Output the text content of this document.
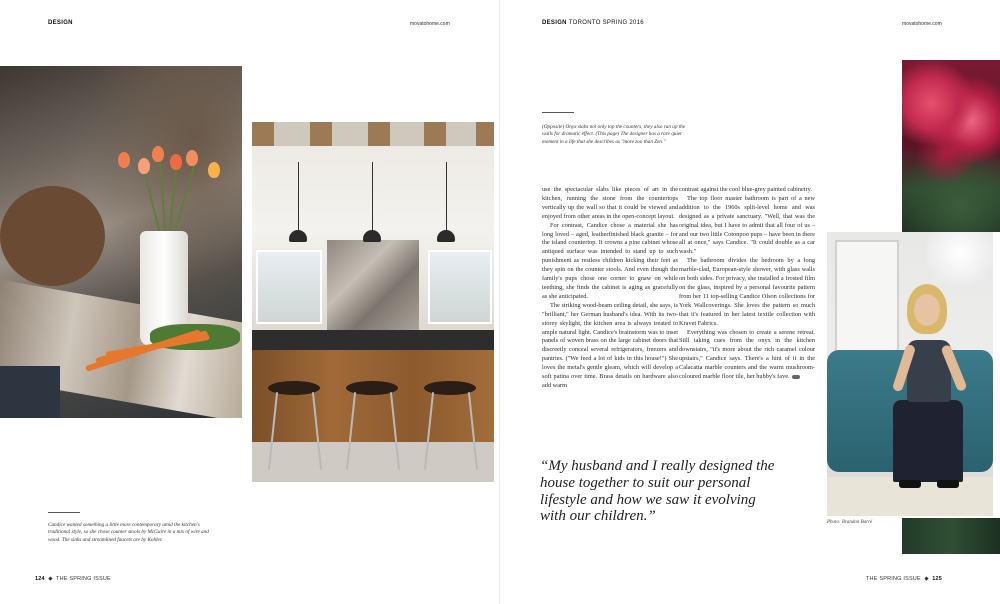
DESIGN	movatohome.com
Candice wanted something a little more contemporary amid the kitchen's traditional style, so she chose counter stools by McGuire in a mix of wire and wood. The sinks and streamlined faucets are by Kohler.
124  ◆  THE SPRING ISSUE
DESIGN TORONTO SPRING 2016	movatohome.com
(Opposite) Onyx slabs not only top the counters, they also run up the walls for dramatic effect. (This page) The designer has a rare quiet moment in a life that she describes as "more zoo than Zen."

use the spectacular slabs like pieces of art in the kitchen, running the stone from the countertops vertically up the wall so that it could be viewed and enjoyed from other areas in the open-concept layout.

For contrast, Candice chose a material she has long loved – aged, leatherfinished black granite – for the island countertop. It crowns a pine cabinet whose antiqued surface was intended to stand up to such punishment as restless children kicking their feet as they spin on the counter stools. And even though the family's pups chose one corner to gnaw on while teething, she finds the cabinet is aging as gracefully as she anticipated.

The striking wood-beam ceiling detail, she says, is "brilliant," her German husband's idea. With its two-storey skylight, the kitchen area is always treated to ample natural light. Candice's brainstorm was to inset panels of woven brass on the large cabinet doors that discreetly conceal several refrigerators, freezers and pantries. ("We feed a lot of kids in this house!") She loves the metal's gentle gleam, which will develop a soft patina over time. Brass details on hardware also add warm

contrast against the cool blue-grey painted cabinetry.

The top floor master bathroom is part of a new addition to the 1960s split-level home and was designed as a private sanctuary. "Well, that was the original idea, but I have to admit that all four of us – and our two little Cotonpoo pups – have been in there all at once," says Candice. "It could double as a car wash."

The bathroom divides the bedroom by a long marble-clad, European-style shower, with glass walls on both sides. For privacy, she installed a frosted film on the glass, inspired by a personal favourite pattern from her 11 top-selling Candice Olson collections for York Wallcoverings. She loves the pattern so much that it's featured in her latest textile collection with Kravet Fabrics.

Everything was chosen to create a serene retreat. Still taking cues from the onyx in the kitchen downstairs, "it's more about the rich caramel colour upstairs," Candice says. There's a hint of it in the Calacatta marble counters and the warm mushroom-coloured marble floor tile, her hubby's fave.

“My husband and I really designed the house together to suit our personal lifestyle and how we saw it evolving with our children.”	Photo: Brandon Barré
THE SPRING ISSUE  ◆  125
